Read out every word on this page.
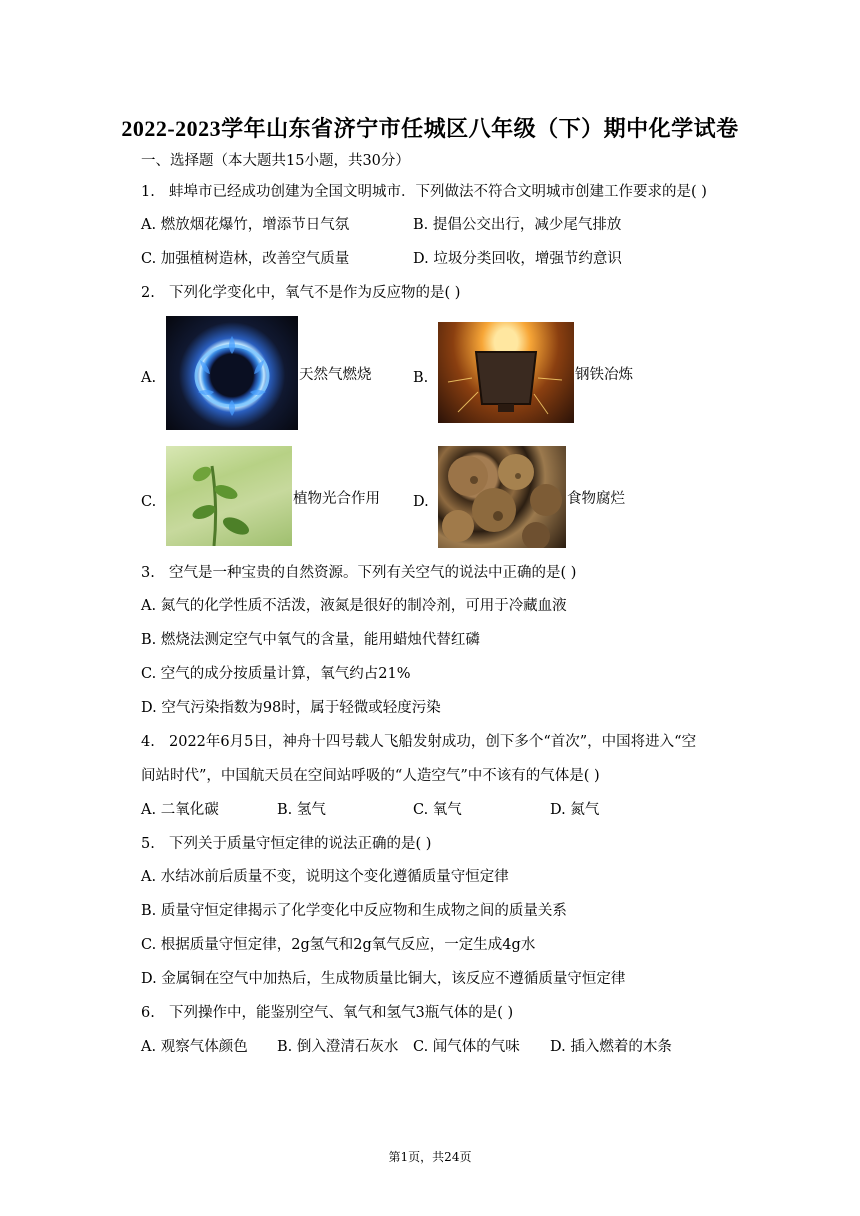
2022-2023学年山东省济宁市任城区八年级（下）期中化学试卷
一、选择题（本大题共15小题，共30分）
1. 蚌埠市已经成功创建为全国文明城市．下列做法不符合文明城市创建工作要求的是( )
A. 燃放烟花爆竹，增添节日气氛	B. 提倡公交出行，减少尾气排放
C. 加强植树造林，改善空气质量	D. 垃圾分类回收，增强节约意识
2. 下列化学变化中，氧气不是作为反应物的是( )
A.	天然气燃烧	B.	钢铁冶炼
C.	植物光合作用 D.	食物腐烂
3. 空气是一种宝贵的自然资源。下列有关空气的说法中正确的是( )
A. 氮气的化学性质不活泼，液氮是很好的制冷剂，可用于冷藏血液
B. 燃烧法测定空气中氧气的含量，能用蜡烛代替红磷
C. 空气的成分按质量计算，氧气约占21%
D. 空气污染指数为98时，属于轻微或轻度污染
4. 2022年6月5日，神舟十四号载人飞船发射成功，创下多个“首次”，中国将进入“空
间站时代”，中国航天员在空间站呼吸的“人造空气”中不该有的气体是( )
A. 二氧化碳	B. 氢气	C. 氧气	D. 氮气
5. 下列关于质量守恒定律的说法正确的是( )
A. 水结冰前后质量不变，说明这个变化遵循质量守恒定律
B. 质量守恒定律揭示了化学变化中反应物和生成物之间的质量关系
C. 根据质量守恒定律，2g氢气和2g氧气反应，一定生成4g水
D. 金属铜在空气中加热后，生成物质量比铜大，该反应不遵循质量守恒定律
6. 下列操作中，能鉴别空气、氧气和氢气3瓶气体的是( )
A. 观察气体颜色 B. 倒入澄清石灰水 C. 闻气体的气味 D. 插入燃着的木条
第1页，共24页
